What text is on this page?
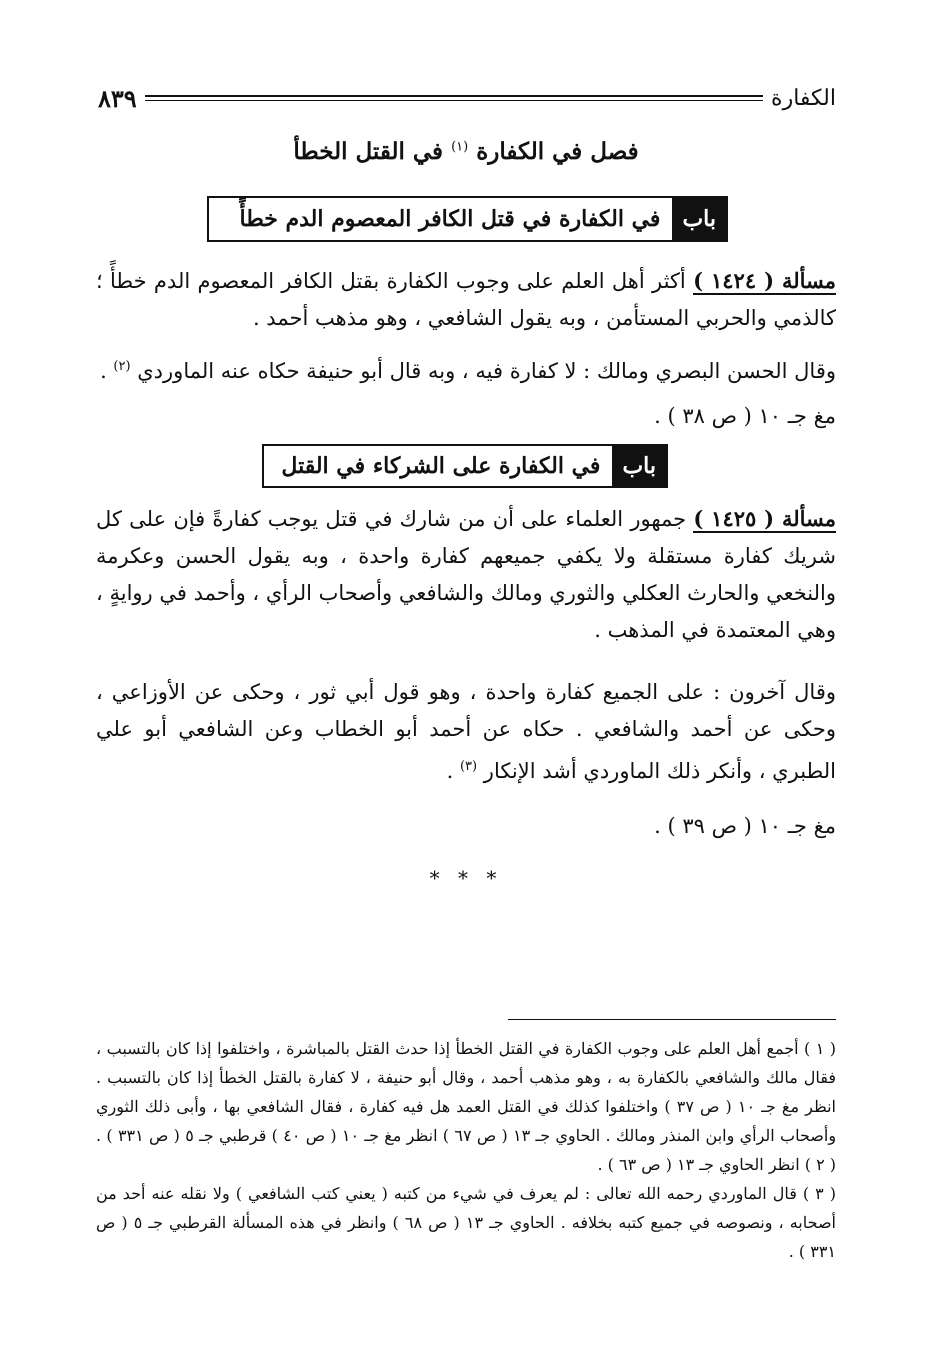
الكفارة
٨٣٩
فصل في الكفارة $^{(١)}$ في القتل الخطأ
باب
في الكفارة في قتل الكافر المعصوم الدم خطأً
مسألة ( ١٤٢٤ ) أكثر أهل العلم على وجوب الكفارة بقتل الكافر المعصوم الدم خطأً ؛ كالذمي والحربي المستأمن ، وبه يقول الشافعي ، وهو مذهب أحمد .
وقال الحسن البصري ومالك : لا كفارة فيه ، وبه قال أبو حنيفة حكاه عنه الماوردي $^{(٢)}$ .
مغ جـ ١٠ ( ص ٣٨ ) .
باب
في الكفارة على الشركاء في القتل
مسألة ( ١٤٢٥ ) جمهور العلماء على أن من شارك في قتل يوجب كفارةً فإن على كل شريك كفارة مستقلة ولا يكفي جميعهم كفارة واحدة ، وبه يقول الحسن وعكرمة والنخعي والحارث العكلي والثوري ومالك والشافعي وأصحاب الرأي ، وأحمد في روايةٍ ، وهي المعتمدة في المذهب .
وقال آخرون : على الجميع كفارة واحدة ، وهو قول أبي ثور ، وحكى عن الأوزاعي ، وحكى عن أحمد والشافعي . حكاه عن أحمد أبو الخطاب وعن الشافعي أبو علي الطبري ، وأنكر ذلك الماوردي أشد الإنكار $^{(٣)}$ .
مغ جـ ١٠ ( ص ٣٩ ) .
* * *

( ١ ) أجمع أهل العلم على وجوب الكفارة في القتل الخطأ إذا حدث القتل بالمباشرة ، واختلفوا إذا كان بالتسبب ، فقال مالك والشافعي بالكفارة به ، وهو مذهب أحمد ، وقال أبو حنيفة ، لا كفارة بالقتل الخطأ إذا كان بالتسبب . انظر مغ جـ ١٠ ( ص ٣٧ ) واختلفوا كذلك في القتل العمد هل فيه كفارة ، فقال الشافعي بها ، وأبى ذلك الثوري وأصحاب الرأي وابن المنذر ومالك . الحاوي جـ ١٣ ( ص ٦٧ ) انظر مغ جـ ١٠ ( ص ٤٠ ) قرطبي جـ ٥ ( ص ٣٣١ ) . ( ٢ ) انظر الحاوي جـ ١٣ ( ص ٦٣ ) .

( ٣ ) قال الماوردي رحمه الله تعالى : لم يعرف في شيء من كتبه ( يعني كتب الشافعي ) ولا نقله عنه أحد من أصحابه ، ونصوصه في جميع كتبه بخلافه . الحاوي جـ ١٣ ( ص ٦٨ ) وانظر في هذه المسألة القرطبي جـ ٥ ( ص ٣٣١ ) .
